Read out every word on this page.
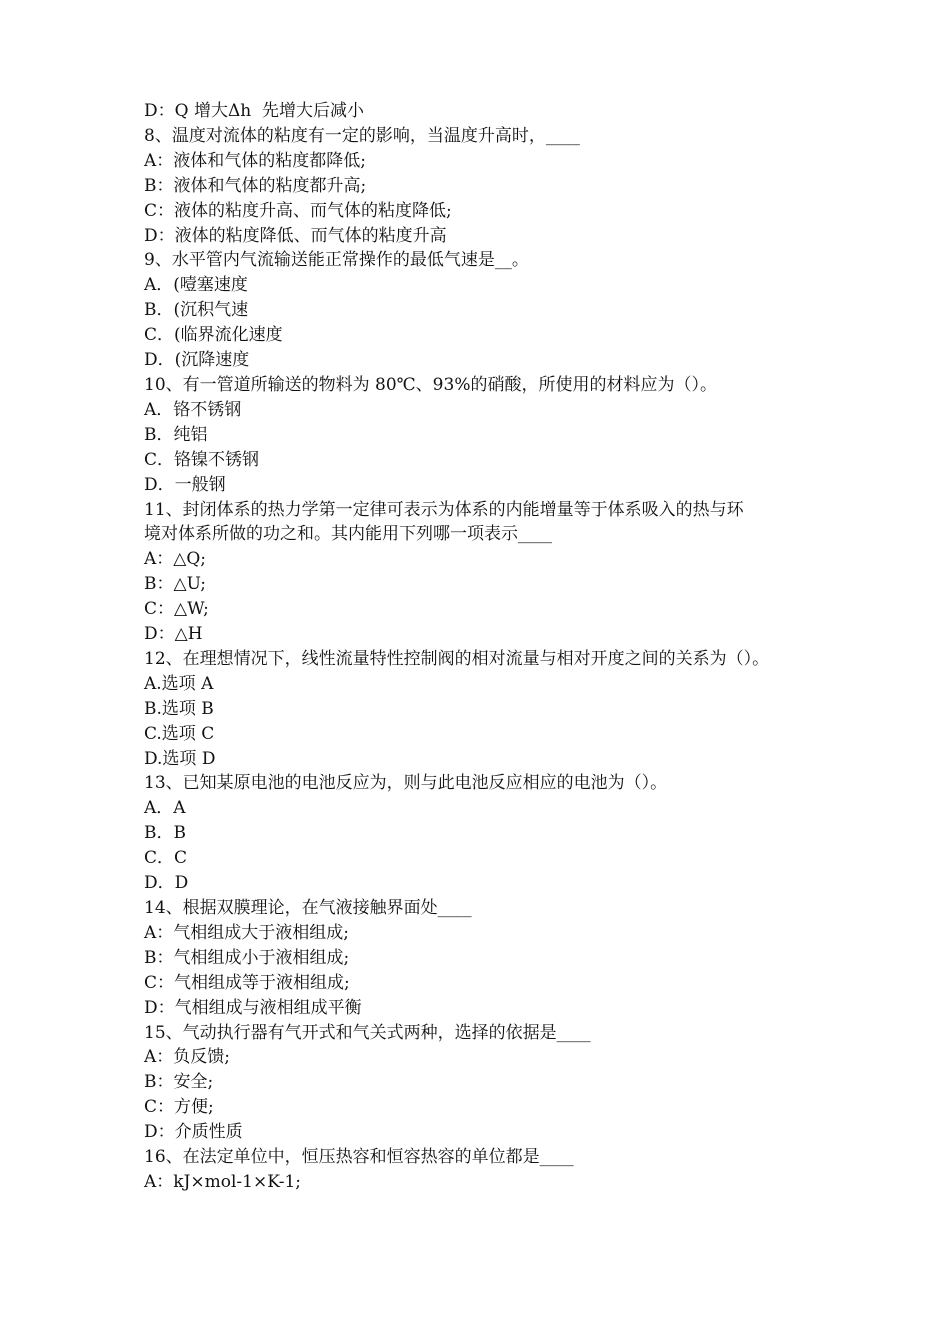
D：Q 增大Δh  先增大后减小

8、温度对流体的粘度有一定的影响，当温度升高时，____

A：液体和气体的粘度都降低;

B：液体和气体的粘度都升高;

C：液体的粘度升高、而气体的粘度降低;

D：液体的粘度降低、而气体的粘度升高

9、水平管内气流输送能正常操作的最低气速是__。

A．(噎塞速度

B．(沉积气速

C．(临界流化速度

D．(沉降速度

10、有一管道所输送的物料为 80℃、93%的硝酸，所使用的材料应为（）。

A．铬不锈钢

B．纯铝

C．铬镍不锈钢

D．一般钢

11、封闭体系的热力学第一定律可表示为体系的内能增量等于体系吸入的热与环

境对体系所做的功之和。其内能用下列哪一项表示____

A：△Q;

B：△U;

C：△W;

D：△H

12、在理想情况下，线性流量特性控制阀的相对流量与相对开度之间的关系为（）。

A.选项 A

B.选项 B

C.选项 C

D.选项 D

13、已知某原电池的电池反应为，则与此电池反应相应的电池为（）。

A．A

B．B

C．C

D．D

14、根据双膜理论，在气液接触界面处____

A：气相组成大于液相组成;

B：气相组成小于液相组成;

C：气相组成等于液相组成;

D：气相组成与液相组成平衡

15、气动执行器有气开式和气关式两种，选择的依据是____

A：负反馈;

B：安全;

C：方便;

D：介质性质

16、在法定单位中，恒压热容和恒容热容的单位都是____

A：kJ×mol-1×K-1;
